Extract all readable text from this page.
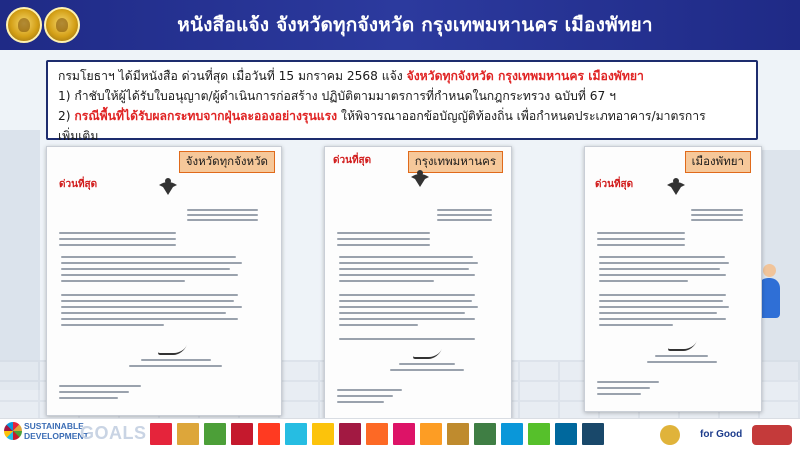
หนังสือแจ้ง จังหวัดทุกจังหวัด กรุงเทพมหานคร เมืองพัทยา
กรมโยธาฯ ได้มีหนังสือ ด่วนที่สุด เมื่อวันที่ 15 มกราคม 2568 แจ้ง จังหวัดทุกจังหวัด กรุงเทพมหานคร เมืองพัทยา
1) กำชับให้ผู้ได้รับใบอนุญาต/ผู้ดำเนินการก่อสร้าง ปฏิบัติตามมาตรการที่กำหนดในกฎกระทรวง ฉบับที่ 67 ฯ
2) กรณีพื้นที่ได้รับผลกระทบจากฝุ่นละอองอย่างรุนแรง ให้พิจารณาออกข้อบัญญัติท้องถิ่น เพื่อกำหนดประเภทอาคาร/มาตรการ
เพิ่มเติม
จังหวัดทุกจังหวัด
ด่วนที่สุด
กรุงเทพมหานคร
ด่วนที่สุด	เมืองพัทยา
ด่วนที่สุด
SUSTAINABLE
DEVELOPMENT
GOALS	for Good
